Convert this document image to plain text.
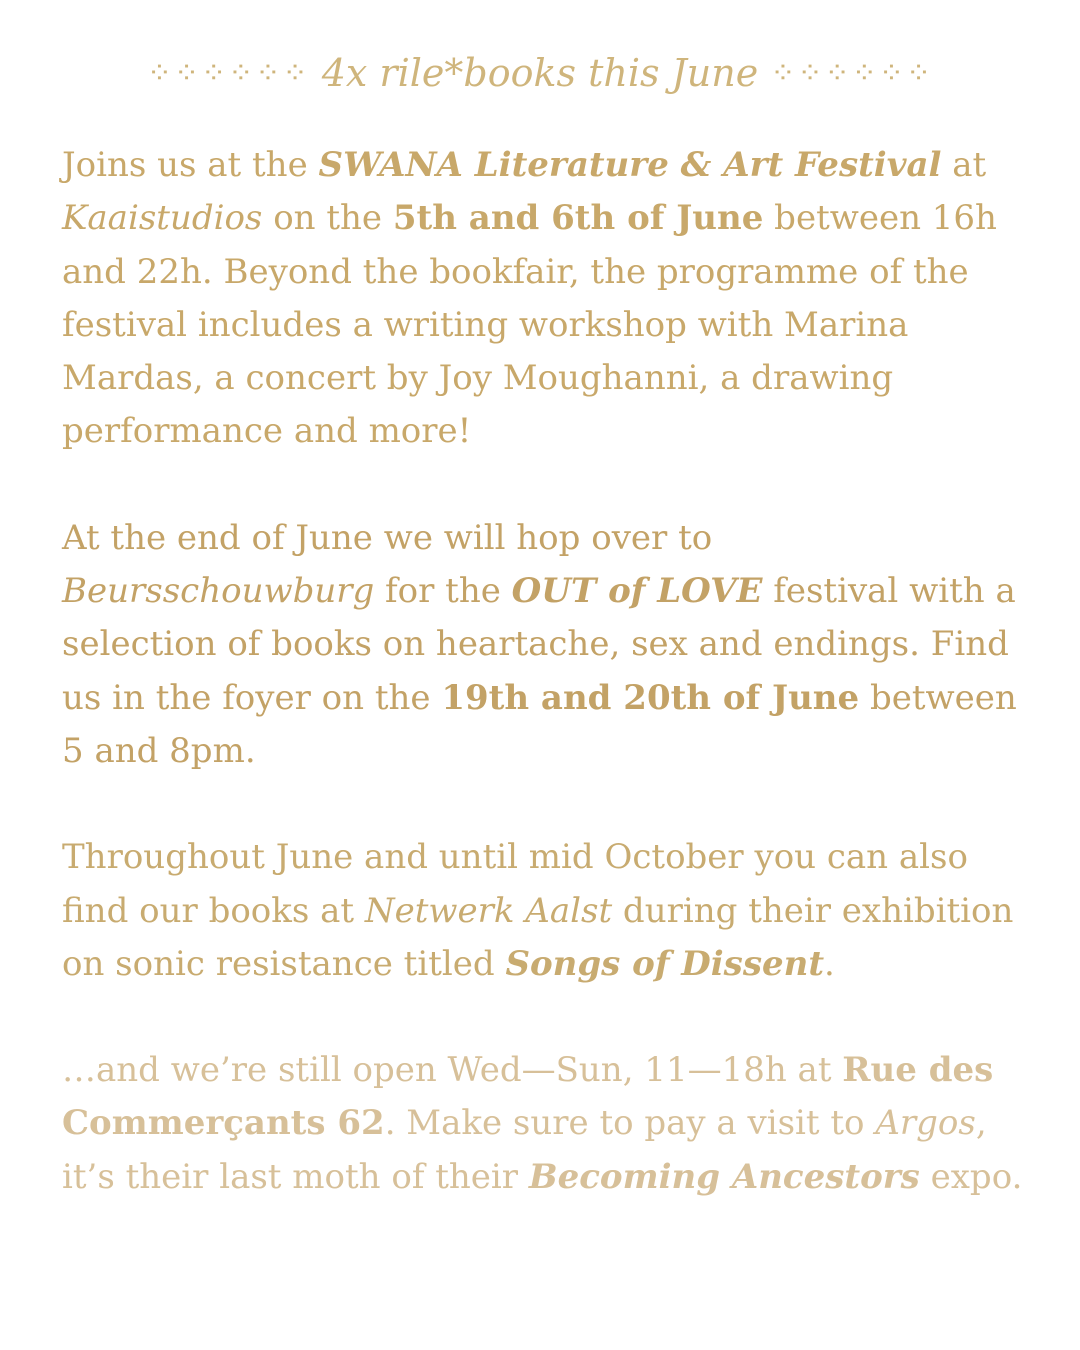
⁘⁘⁘⁘⁘⁘ 4x rile*books this June ⁘⁘⁘⁘⁘⁘

Joins us at the SWANA Literature & Art Festival at Kaaistudios on the 5th and 6th of June between 16h and 22h. Beyond the bookfair, the programme of the festival includes a writing workshop with Marina Mardas, a concert by Joy Moughanni, a drawing performance and more!

At the end of June we will hop over to Beursschouwburg for the OUT of LOVE festival with a selection of books on heartache, sex and endings. Find us in the foyer on the 19th and 20th of June between 5 and 8pm.

Throughout June and until mid October you can also find our books at Netwerk Aalst during their exhibition on sonic resistance titled Songs of Dissent.

…and we’re still open Wed—Sun, 11—18h at Rue des Commerçants 62. Make sure to pay a visit to Argos, it’s their last moth of their Becoming Ancestors expo.
